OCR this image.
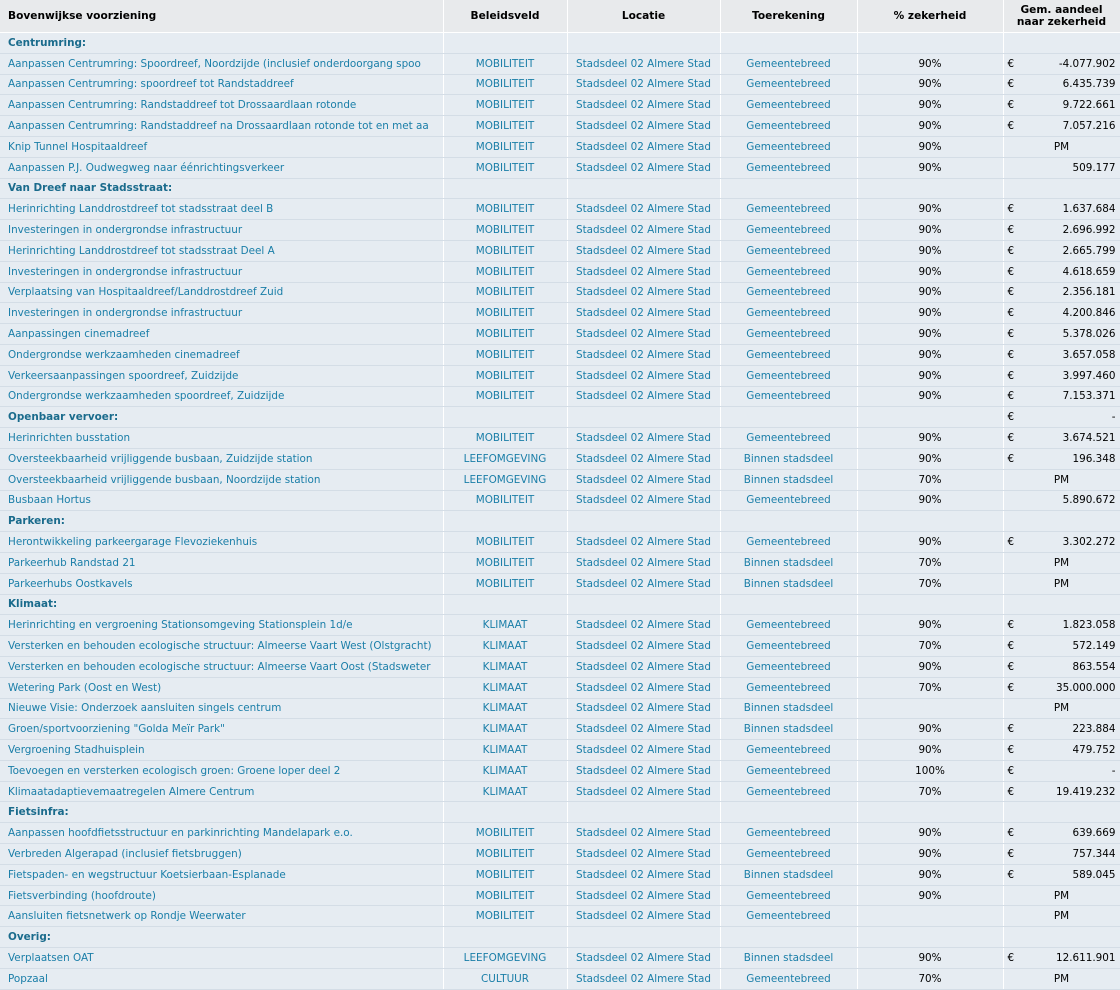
Bovenwijkse voorziening	Beleidsveld	Locatie	Toerekening	% zekerheid	Gem. aandeel naar zekerheid
Centrumring:					
Aanpassen Centrumring: Spoordreef, Noordzijde (inclusief onderdoorgang spoo	MOBILITEIT	Stadsdeel 02 Almere Stad	Gemeentebreed	90%	€ -4.077.902

Aanpassen Centrumring: spoordreef tot Randstaddreef	MOBILITEIT	Stadsdeel 02 Almere Stad	Gemeentebreed	90%	€ 6.435.739

Aanpassen Centrumring: Randstaddreef tot Drossaardlaan rotonde	MOBILITEIT	Stadsdeel 02 Almere Stad	Gemeentebreed	90%	€ 9.722.661

Aanpassen Centrumring: Randstaddreef na Drossaardlaan rotonde tot en met aa	MOBILITEIT	Stadsdeel 02 Almere Stad	Gemeentebreed	90%	€ 7.057.216

Knip Tunnel Hospitaaldreef	MOBILITEIT	Stadsdeel 02 Almere Stad	Gemeentebreed	90%	PM

Aanpassen P.J. Oudwegweg naar éénrichtingsverkeer	MOBILITEIT	Stadsdeel 02 Almere Stad	Gemeentebreed	90%	509.177

Van Dreef naar Stadsstraat:					
Herinrichting Landdrostdreef tot stadsstraat deel B	MOBILITEIT	Stadsdeel 02 Almere Stad	Gemeentebreed	90%	€ 1.637.684

Investeringen in ondergrondse infrastructuur	MOBILITEIT	Stadsdeel 02 Almere Stad	Gemeentebreed	90%	€ 2.696.992

Herinrichting Landdrostdreef tot stadsstraat Deel A	MOBILITEIT	Stadsdeel 02 Almere Stad	Gemeentebreed	90%	€ 2.665.799

Investeringen in ondergrondse infrastructuur	MOBILITEIT	Stadsdeel 02 Almere Stad	Gemeentebreed	90%	€ 4.618.659

Verplaatsing van Hospitaaldreef/Landdrostdreef Zuid	MOBILITEIT	Stadsdeel 02 Almere Stad	Gemeentebreed	90%	€ 2.356.181

Investeringen in ondergrondse infrastructuur	MOBILITEIT	Stadsdeel 02 Almere Stad	Gemeentebreed	90%	€ 4.200.846

Aanpassingen cinemadreef	MOBILITEIT	Stadsdeel 02 Almere Stad	Gemeentebreed	90%	€ 5.378.026

Ondergrondse werkzaamheden cinemadreef	MOBILITEIT	Stadsdeel 02 Almere Stad	Gemeentebreed	90%	€ 3.657.058

Verkeersaanpassingen spoordreef, Zuidzijde	MOBILITEIT	Stadsdeel 02 Almere Stad	Gemeentebreed	90%	€ 3.997.460

Ondergrondse werkzaamheden spoordreef, Zuidzijde	MOBILITEIT	Stadsdeel 02 Almere Stad	Gemeentebreed	90%	€ 7.153.371

Openbaar vervoer:					€ -

Herinrichten busstation	MOBILITEIT	Stadsdeel 02 Almere Stad	Gemeentebreed	90%	€ 3.674.521

Oversteekbaarheid vrijliggende busbaan, Zuidzijde station	LEEFOMGEVING	Stadsdeel 02 Almere Stad	Binnen stadsdeel	90%	€ 196.348

Oversteekbaarheid vrijliggende busbaan, Noordzijde station	LEEFOMGEVING	Stadsdeel 02 Almere Stad	Binnen stadsdeel	70%	PM

Busbaan Hortus	MOBILITEIT	Stadsdeel 02 Almere Stad	Gemeentebreed	90%	5.890.672

Parkeren:					
Herontwikkeling parkeergarage Flevoziekenhuis	MOBILITEIT	Stadsdeel 02 Almere Stad	Gemeentebreed	90%	€ 3.302.272

Parkeerhub Randstad 21	MOBILITEIT	Stadsdeel 02 Almere Stad	Binnen stadsdeel	70%	PM

Parkeerhubs Oostkavels	MOBILITEIT	Stadsdeel 02 Almere Stad	Binnen stadsdeel	70%	PM

Klimaat:					
Herinrichting en vergroening Stationsomgeving Stationsplein 1d/e	KLIMAAT	Stadsdeel 02 Almere Stad	Gemeentebreed	90%	€ 1.823.058

Versterken en behouden ecologische structuur: Almeerse Vaart West (Olstgracht)	KLIMAAT	Stadsdeel 02 Almere Stad	Gemeentebreed	70%	€ 572.149

Versterken en behouden ecologische structuur: Almeerse Vaart Oost (Stadsweter	KLIMAAT	Stadsdeel 02 Almere Stad	Gemeentebreed	90%	€ 863.554

Wetering Park (Oost en West)	KLIMAAT	Stadsdeel 02 Almere Stad	Gemeentebreed	70%	€ 35.000.000

Nieuwe Visie: Onderzoek aansluiten singels centrum	KLIMAAT	Stadsdeel 02 Almere Stad	Binnen stadsdeel		PM

Groen/sportvoorziening "Golda Meïr Park"	KLIMAAT	Stadsdeel 02 Almere Stad	Binnen stadsdeel	90%	€ 223.884

Vergroening Stadhuisplein	KLIMAAT	Stadsdeel 02 Almere Stad	Gemeentebreed	90%	€ 479.752

Toevoegen en versterken ecologisch groen: Groene loper deel 2	KLIMAAT	Stadsdeel 02 Almere Stad	Gemeentebreed	100%	€ -

Klimaatadaptievemaatregelen Almere Centrum	KLIMAAT	Stadsdeel 02 Almere Stad	Gemeentebreed	70%	€ 19.419.232

Fietsinfra:					
Aanpassen hoofdfietsstructuur en parkinrichting Mandelapark e.o.	MOBILITEIT	Stadsdeel 02 Almere Stad	Gemeentebreed	90%	€ 639.669

Verbreden Algerapad (inclusief fietsbruggen)	MOBILITEIT	Stadsdeel 02 Almere Stad	Gemeentebreed	90%	€ 757.344

Fietspaden- en wegstructuur Koetsierbaan-Esplanade	MOBILITEIT	Stadsdeel 02 Almere Stad	Binnen stadsdeel	90%	€ 589.045

Fietsverbinding (hoofdroute)	MOBILITEIT	Stadsdeel 02 Almere Stad	Gemeentebreed	90%	PM

Aansluiten fietsnetwerk op Rondje Weerwater	MOBILITEIT	Stadsdeel 02 Almere Stad	Gemeentebreed		PM

Overig:					
Verplaatsen OAT	LEEFOMGEVING	Stadsdeel 02 Almere Stad	Binnen stadsdeel	90%	€ 12.611.901

Popzaal	CULTUUR	Stadsdeel 02 Almere Stad	Gemeentebreed	70%	PM
